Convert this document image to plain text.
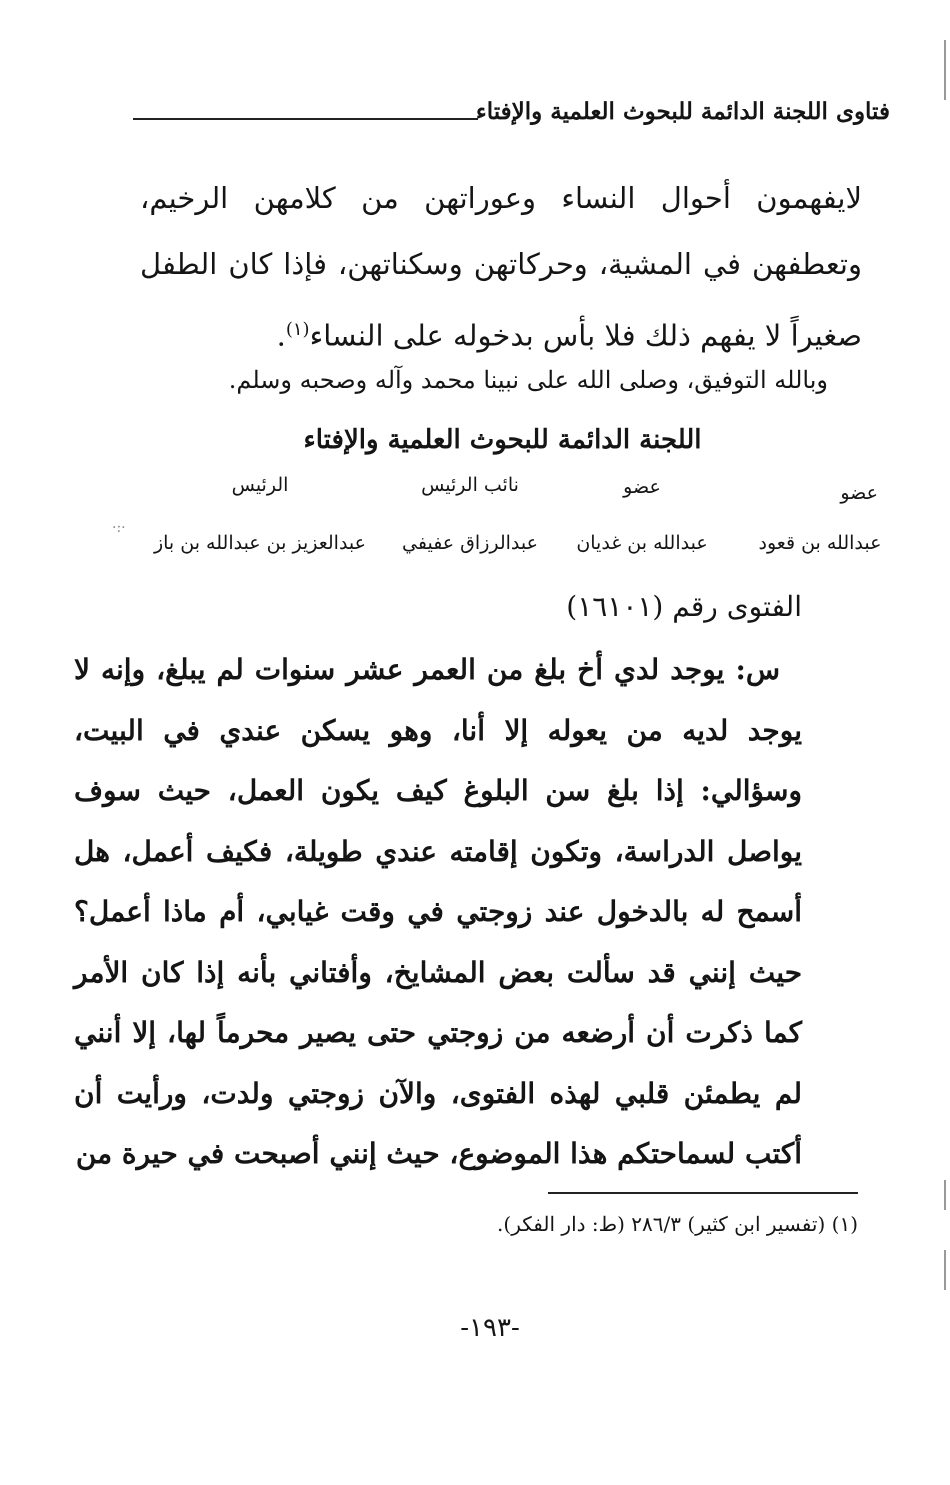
فتاوى اللجنة الدائمة للبحوث العلمية والإفتاء
لايفهمون أحوال النساء وعوراتهن من كلامهن الرخيم، وتعطفهن في المشية، وحركاتهن وسكناتهن، فإذا كان الطفل صغيراً لا يفهم ذلك فلا بأس بدخوله على النساء$^{(١)}$.
وبالله التوفيق، وصلى الله على نبينا محمد وآله وصحبه وسلم.
اللجنة الدائمة للبحوث العلمية والإفتاء
عضو
عبدالله بن قعود
عضو
عبدالله بن غديان
نائب الرئيس
عبدالرزاق عفيفي
الرئيس
عبدالعزيز بن عبدالله بن باز
·:·
الفتوى رقم (١٦١٠١)
س: يوجد لدي أخ بلغ من العمر عشر سنوات لم يبلغ، وإنه لا يوجد لديه من يعوله إلا أنا، وهو يسكن عندي في البيت، وسؤالي: إذا بلغ سن البلوغ كيف يكون العمل، حيث سوف يواصل الدراسة، وتكون إقامته عندي طويلة، فكيف أعمل، هل أسمح له بالدخول عند زوجتي في وقت غيابي، أم ماذا أعمل؟ حيث إنني قد سألت بعض المشايخ، وأفتاني بأنه إذا كان الأمر كما ذكرت أن أرضعه من زوجتي حتى يصير محرماً لها، إلا أنني لم يطمئن قلبي لهذه الفتوى، والآن زوجتي ولدت، ورأيت أن أكتب لسماحتكم هذا الموضوع، حيث إنني أصبحت في حيرة من
(١) (تفسير ابن كثير) ٢٨٦/٣ (ط: دار الفكر).
-١٩٣-
